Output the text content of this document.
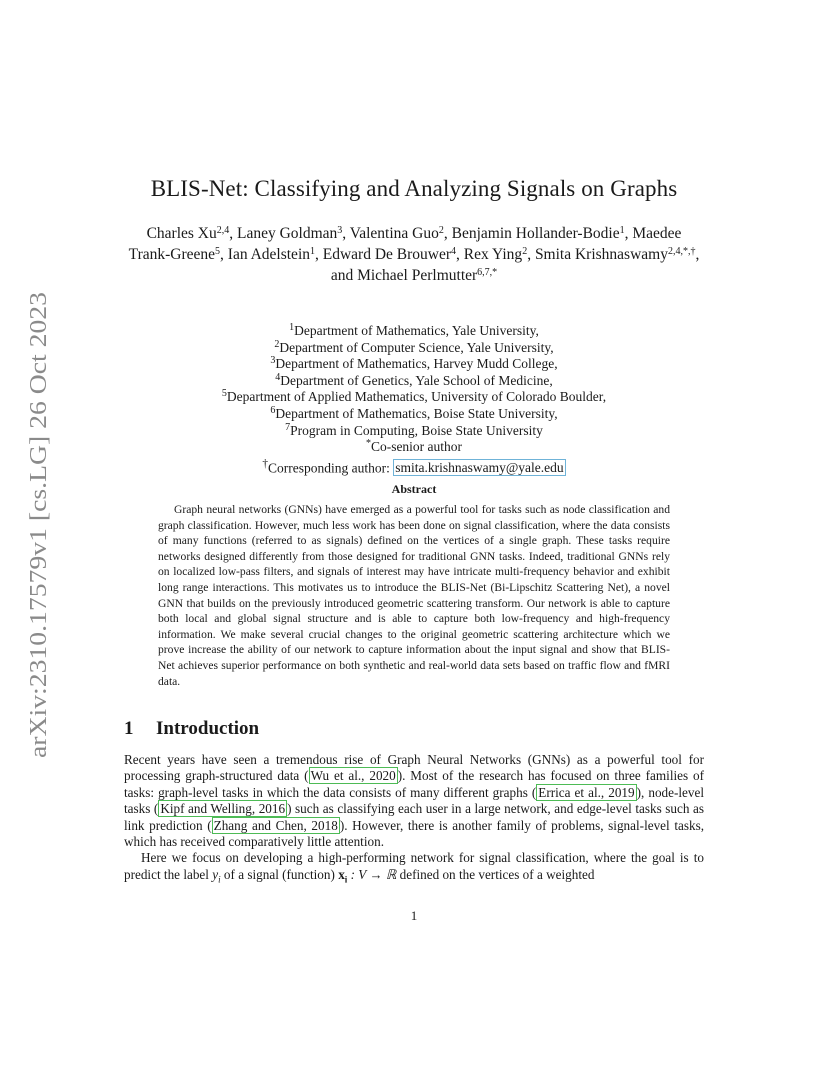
arXiv:2310.17579v1 [cs.LG] 26 Oct 2023
BLIS-Net: Classifying and Analyzing Signals on Graphs
Charles Xu$^{2,4}$, Laney Goldman$^3$, Valentina Guo$^2$, Benjamin Hollander-Bodie$^1$, Maedee Trank-Greene$^5$, Ian Adelstein$^1$, Edward De Brouwer$^4$, Rex Ying$^2$, Smita Krishnaswamy$^{2,4,*,\dagger}$, and Michael Perlmutter$^{6,7,*}$
$^1$Department of Mathematics, Yale University,
$^2$Department of Computer Science, Yale University,
$^3$Department of Mathematics, Harvey Mudd College,
$^4$Department of Genetics, Yale School of Medicine,
$^5$Department of Applied Mathematics, University of Colorado Boulder,
$^6$Department of Mathematics, Boise State University,
$^7$Program in Computing, Boise State University
*Co-senior author
†Corresponding author: smita.krishnaswamy@yale.edu
Abstract
Graph neural networks (GNNs) have emerged as a powerful tool for tasks such as node classification and graph classification. However, much less work has been done on signal classification, where the data consists of many functions (referred to as signals) defined on the vertices of a single graph. These tasks require networks designed differently from those designed for traditional GNN tasks. Indeed, traditional GNNs rely on localized low-pass filters, and signals of interest may have intricate multi-frequency behavior and exhibit long range interactions. This motivates us to introduce the BLIS-Net (Bi-Lipschitz Scattering Net), a novel GNN that builds on the previously introduced geometric scattering transform. Our network is able to capture both local and global signal structure and is able to capture both low-frequency and high-frequency information. We make several crucial changes to the original geometric scattering architecture which we prove increase the ability of our network to capture information about the input signal and show that BLIS-Net achieves superior performance on both synthetic and real-world data sets based on traffic flow and fMRI data.
1 Introduction

Recent years have seen a tremendous rise of Graph Neural Networks (GNNs) as a powerful tool for processing graph-structured data ( Wu et al., 2020 ). Most of the research has focused on three families of tasks: graph-level tasks in which the data consists of many different graphs ( Errica et al., 2019 ), node-level tasks ( Kipf and Welling, 2016 ) such as classifying each user in a large network, and edge-level tasks such as link prediction ( Zhang and Chen, 2018 ). However, there is another family of problems, signal-level tasks, which has received comparatively little attention.

Here we focus on developing a high-performing network for signal classification, where the goal is to predict the label $y_i$ of a signal (function) $x_i$ : V → ℝ defined on the vertices of a weighted

1
